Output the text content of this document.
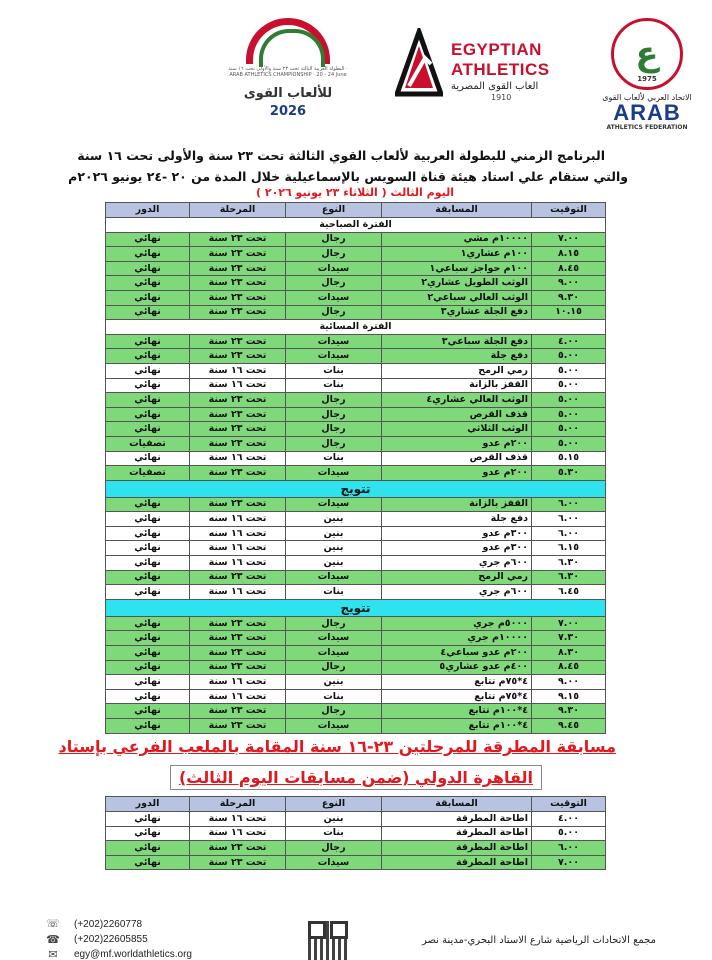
البطولة العربية الثالثة تحت ٢٣ سنة والأولى تحت ١٦ سنة · ARAB ATHLETICS CHAMPIONSHIP · 20 - 24 June
للألعاب القوى
2026
EGYPTIAN
ATHLETICS
العاب القوى المصرية
1910
ع
1975
الاتحاد العربي لألعاب القوى
ARAB
ATHLETICS FEDERATION
البرنامج الزمني للبطولة العربية لألعاب القوي الثالثة تحت ٢٣ سنة والأولى تحت ١٦ سنة
والتي ستقام علي استاد هيئة قناة السويس بالإسماعيلية خلال المدة من ٢٠ -٢٤ يونيو ٢٠٢٦م
اليوم الثالث ( الثلاثاء ٢٣ يونيو ٢٠٢٦ )
التوقيت	المسابقة	النوع	المرحلة	الدور
الفترة الصباحية				
٧.٠٠	١٠٠٠٠م مشي	رجال	تحت ٢٣ سنة	نهائي
٨.١٥	١٠٠م عشاري١	رجال	تحت ٢٣ سنة	نهائي
٨.٤٥	١٠٠م حواجز سباعي١	سيدات	تحت ٢٣ سنة	نهائي
٩.٠٠	الوثب الطويل عشاري٢	رجال	تحت ٢٣ سنة	نهائي
٩.٣٠	الوثب العالي سباعي٢	سيدات	تحت ٢٣ سنة	نهائي
١٠.١٥	دفع الجلة عشاري٣	رجال	تحت ٢٣ سنة	نهائي
الفترة المسائية				
٤.٠٠	دفع الجلة سباعي٣	سيدات	تحت ٢٣ سنة	نهائي
٥.٠٠	دفع جلة	سيدات	تحت ٢٣ سنة	نهائي
٥.٠٠	رمي الرمح	بنات	تحت ١٦ سنة	نهائي
٥.٠٠	القفز بالزانة	بنات	تحت ١٦ سنة	نهائي
٥.٠٠	الوثب العالي عشاري٤	رجال	تحت ٢٣ سنة	نهائي
٥.٠٠	قذف القرص	رجال	تحت ٢٣ سنة	نهائي
٥.٠٠	الوثب الثلاثي	رجال	تحت ٢٣ سنة	نهائي
٥.٠٠	٢٠٠م عدو	رجال	تحت ٢٣ سنة	تصفيات
٥.١٥	قذف القرص	بنات	تحت ١٦ سنة	نهائي
٥.٣٠	٢٠٠م عدو	سيدات	تحت ٢٣ سنة	تصفيات
تتويج				
٦.٠٠	القفز بالزانة	سيدات	تحت ٢٣ سنة	نهائي
٦.٠٠	دفع جلة	بنين	تحت ١٦ سنه	نهائي
٦.٠٠	٣٠٠م عدو	بنين	تحت ١٦ سنه	نهائي
٦.١٥	٣٠٠م عدو	بنين	تحت ١٦ سنة	نهائي
٦.٣٠	٦٠٠م جري	بنين	تحت ١٦ سنة	نهائي
٦.٣٠	رمي الرمح	سيدات	تحت ٢٣ سنة	نهائي
٦.٤٥	٦٠٠م جري	بنات	تحت ١٦ سنة	نهائي
تتويج				
٧.٠٠	٥٠٠٠م جري	رجال	تحت ٢٣ سنة	نهائي
٧.٣٠	١٠٠٠٠م جري	سيدات	تحت ٢٣ سنة	نهائي
٨.٣٠	٢٠٠م عدو سباعي٤	سيدات	تحت ٢٣ سنة	نهائي
٨.٤٥	٤٠٠م عدو عشاري٥	رجال	تحت ٢٣ سنة	نهائي
٩.٠٠	٤*٧٥م تتابع	بنين	تحت ١٦ سنة	نهائي
٩.١٥	٤*٧٥م تتابع	بنات	تحت ١٦ سنة	نهائي
٩.٣٠	٤*١٠٠م تتابع	رجال	تحت ٢٣ سنة	نهائي
٩.٤٥	٤*١٠٠م تتابع	سيدات	تحت ٢٣ سنة	نهائي
مسابقة المطرقة للمرحلتين ٢٣-١٦ سنة المقامة بالملعب الفرعي بإستاد
القاهرة الدولي (ضمن مسابقات اليوم الثالث)
التوقيت	المسابقة	النوع	المرحلة	الدور
٤.٠٠	اطاحة المطرقة	بنين	تحت ١٦ سنة	نهائي
٥.٠٠	اطاحة المطرقة	بنات	تحت ١٦ سنة	نهائي
٦.٠٠	اطاحة المطرقة	رجال	تحت ٢٣ سنة	نهائي
٧.٠٠	اطاحة المطرقة	سيدات	تحت ٢٣ سنة	نهائي
☏ (+202)2260778
☎ (+202)22605855
✉ egy@mf.worldathletics.org
مجمع الاتحادات الرياضية شارع الاستاد البحري-مدينة نصر
